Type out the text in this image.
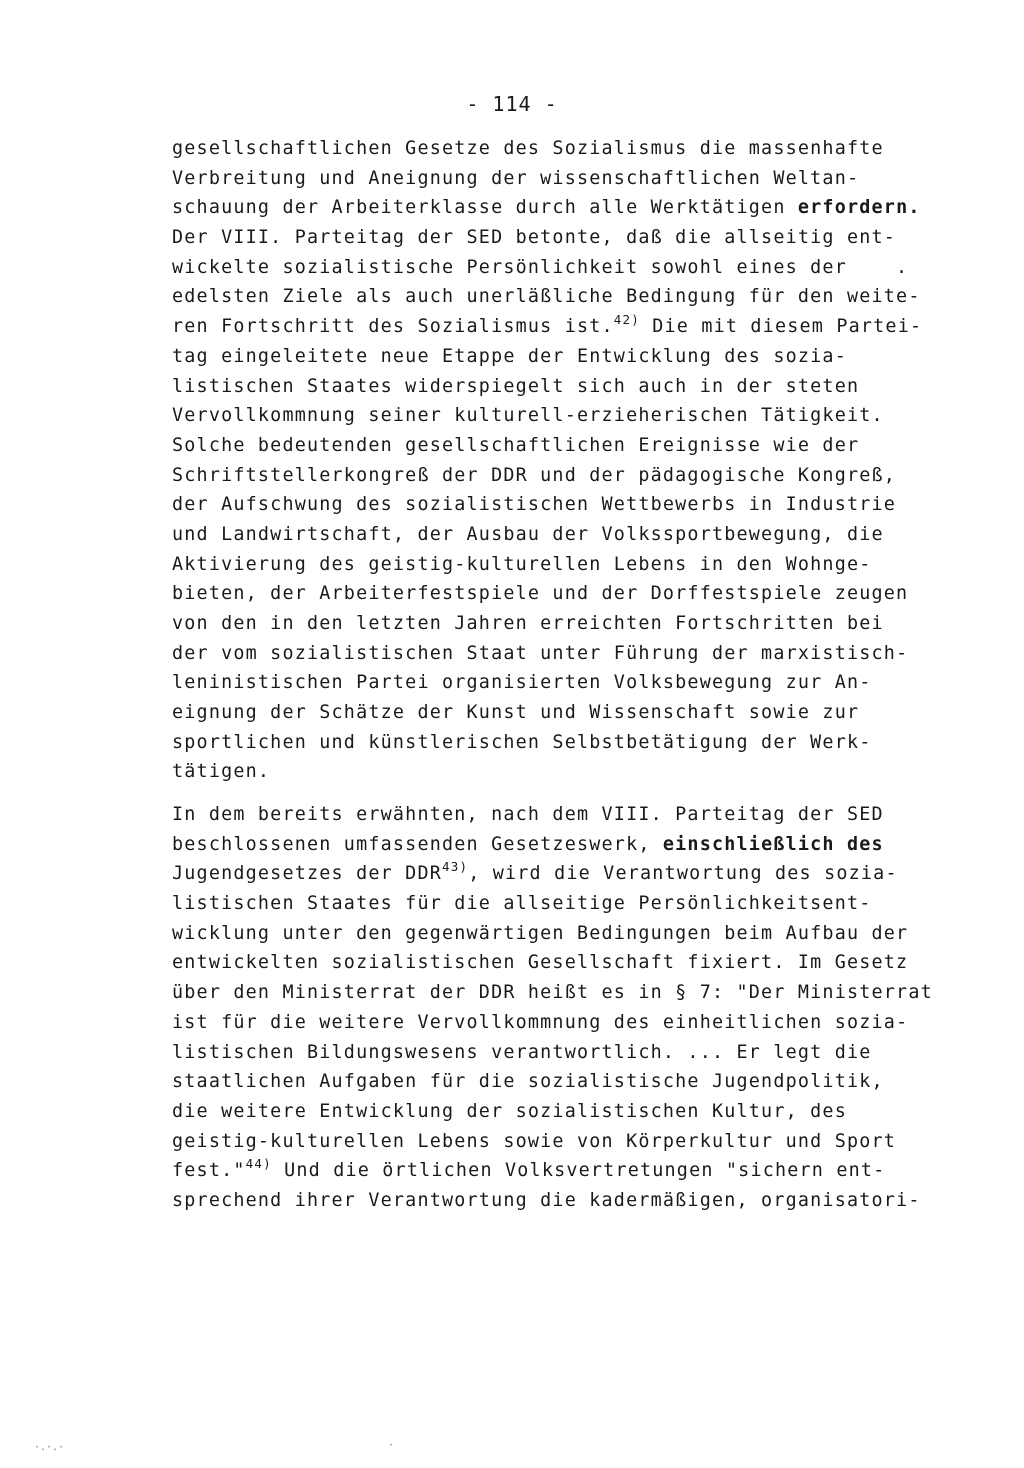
- 114 -
gesellschaftlichen Gesetze des Sozialismus die massenhafte
Verbreitung und Aneignung der wissenschaftlichen Weltan-
schauung der Arbeiterklasse durch alle Werktätigen erfordern.
Der VIII. Parteitag der SED betonte, daß die allseitig ent-
wickelte sozialistische Persönlichkeit sowohl eines der    .
edelsten Ziele als auch unerläßliche Bedingung für den weite-
ren Fortschritt des Sozialismus ist.$^{42)}$ Die mit diesem Partei-
tag eingeleitete neue Etappe der Entwicklung des sozia-
listischen Staates widerspiegelt sich auch in der steten
Vervollkommnung seiner kulturell-erzieherischen Tätigkeit.
Solche bedeutenden gesellschaftlichen Ereignisse wie der
Schriftstellerkongreß der DDR und der pädagogische Kongreß,
der Aufschwung des sozialistischen Wettbewerbs in Industrie
und Landwirtschaft, der Ausbau der Volkssportbewegung, die
Aktivierung des geistig-kulturellen Lebens in den Wohnge-
bieten, der Arbeiterfestspiele und der Dorffestspiele zeugen
von den in den letzten Jahren erreichten Fortschritten bei
der vom sozialistischen Staat unter Führung der marxistisch-
leninistischen Partei organisierten Volksbewegung zur An-
eignung der Schätze der Kunst und Wissenschaft sowie zur
sportlichen und künstlerischen Selbstbetätigung der Werk-
tätigen.
In dem bereits erwähnten, nach dem VIII. Parteitag der SED
beschlossenen umfassenden Gesetzeswerk, einschließlich des
Jugendgesetzes der DDR$^{43)}$, wird die Verantwortung des sozia-
listischen Staates für die allseitige Persönlichkeitsent-
wicklung unter den gegenwärtigen Bedingungen beim Aufbau der
entwickelten sozialistischen Gesellschaft fixiert. Im Gesetz
über den Ministerrat der DDR heißt es in § 7: "Der Ministerrat
ist für die weitere Vervollkommnung des einheitlichen sozia-
listischen Bildungswesens verantwortlich. ... Er legt die
staatlichen Aufgaben für die sozialistische Jugendpolitik,
die weitere Entwicklung der sozialistischen Kultur, des
geistig-kulturellen Lebens sowie von Körperkultur und Sport
fest."$^{44)}$ Und die örtlichen Volksvertretungen "sichern ent-
sprechend ihrer Verantwortung die kadermäßigen, organisatori-
·.·.·	·
